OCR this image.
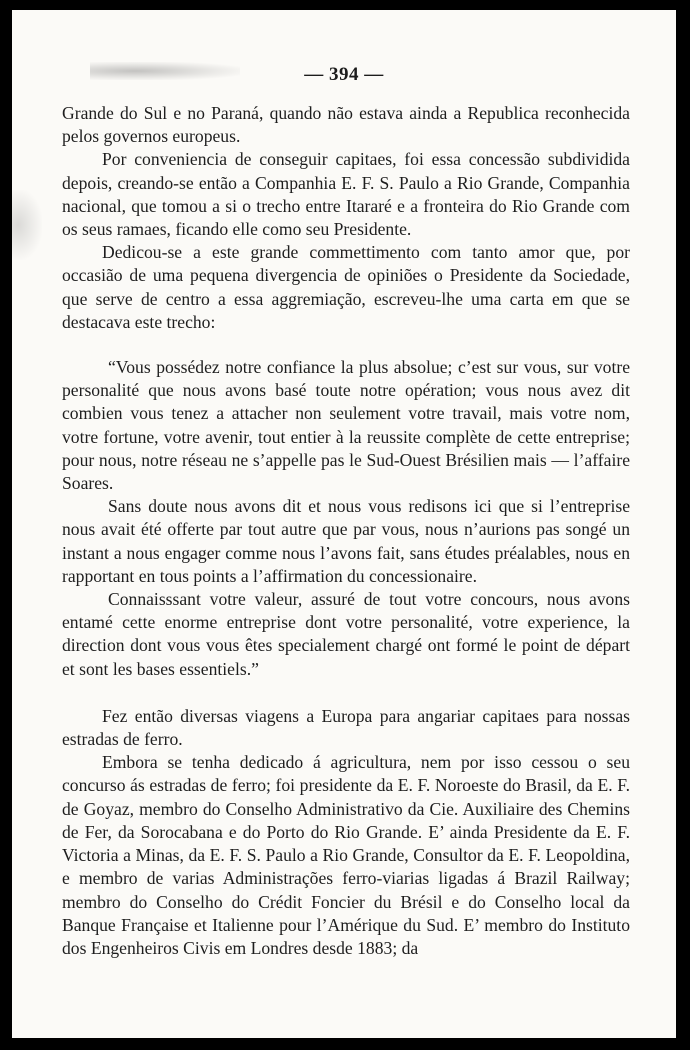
— 394 —

Grande do Sul e no Paraná, quando não estava ainda a Republica reconhecida pelos governos europeus.

Por conveniencia de conseguir capitaes, foi essa concessão subdividida depois, creando-se então a Companhia E. F. S. Paulo a Rio Grande, Companhia nacional, que tomou a si o trecho entre Itararé e a fronteira do Rio Grande com os seus ramaes, ficando elle como seu Presidente.

Dedicou-se a este grande commettimento com tanto amor que, por occasião de uma pequena divergencia de opiniões o Presidente da Sociedade, que serve de centro a essa aggremiação, escreveu-lhe uma carta em que se destacava este trecho:

“Vous possédez notre confiance la plus absolue; c’est sur vous, sur votre personalité que nous avons basé toute notre opération; vous nous avez dit combien vous tenez a attacher non seulement votre travail, mais votre nom, votre fortune, votre avenir, tout entier à la reussite complète de cette entreprise; pour nous, notre réseau ne s’appelle pas le Sud-Ouest Brésilien mais — l’affaire Soares.

Sans doute nous avons dit et nous vous redisons ici que si l’entreprise nous avait été offerte par tout autre que par vous, nous n’aurions pas songé un instant a nous engager comme nous l’avons fait, sans études préalables, nous en rapportant en tous points a l’affirmation du concessionaire.

Connaisssant votre valeur, assuré de tout votre concours, nous avons entamé cette enorme entreprise dont votre personalité, votre experience, la direction dont vous vous êtes specialement chargé ont formé le point de départ et sont les bases essentiels.”

Fez então diversas viagens a Europa para angariar capitaes para nossas estradas de ferro.

Embora se tenha dedicado á agricultura, nem por isso cessou o seu concurso ás estradas de ferro; foi presidente da E. F. Noroeste do Brasil, da E. F. de Goyaz, membro do Conselho Administrativo da Cie. Auxiliaire des Chemins de Fer, da Sorocabana e do Porto do Rio Grande. E’ ainda Presidente da E. F. Victoria a Minas, da E. F. S. Paulo a Rio Grande, Consultor da E. F. Leopoldina, e membro de varias Administrações ferro-viarias ligadas á Brazil Railway; membro do Conselho do Crédit Foncier du Brésil e do Conselho local da Banque Française et Italienne pour l’Amérique du Sud. E’ membro do Instituto dos Engenheiros Civis em Londres desde 1883; da
